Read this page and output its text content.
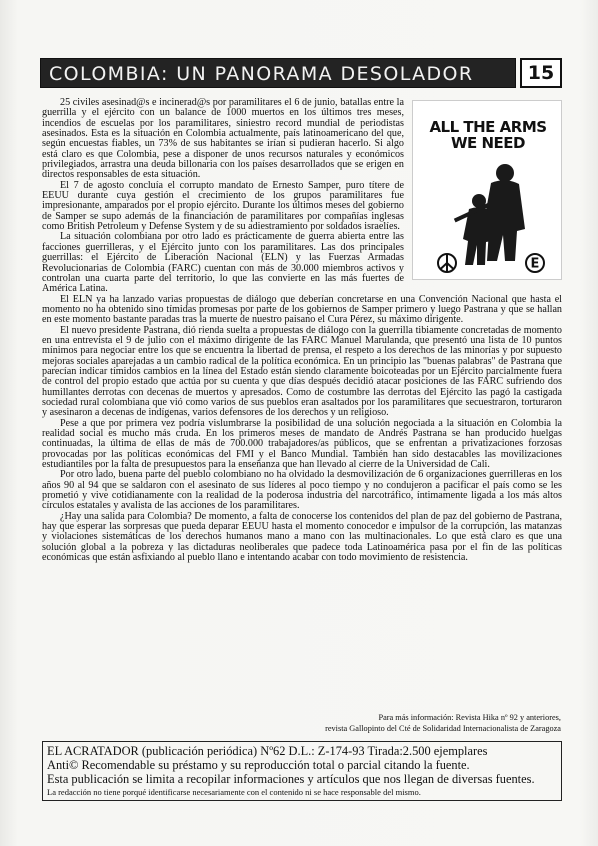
COLOMBIA: UN PANORAMA DESOLADOR	15
ALL THE ARMS WE NEED
E

25 civiles asesinad@s e incinerad@s por paramilitares el 6 de junio, batallas entre la guerrilla y el ejército con un balance de 1000 muertos en los últimos tres meses, incendios de escuelas por los paramilitares, siniestro record mundial de periodistas asesinados. Esta es la situación en Colombia actualmente, país latinoamericano del que, según encuestas fiables, un 73% de sus habitantes se irían si pudieran hacerlo. Si algo está claro es que Colombia, pese a disponer de unos recursos naturales y económicos privilegiados, arrastra una deuda billonaria con los países desarrollados que se erigen en directos responsables de esta situación.

El 7 de agosto concluía el corrupto mandato de Ernesto Samper, puro títere de EEUU durante cuya gestión el crecimiento de los grupos paramilitares fue impresionante, amparados por el propio ejército. Durante los últimos meses del gobierno de Samper se supo además de la financiación de paramilitares por compañías inglesas como British Petroleum y Defense System y de su adiestramiento por soldados israelíes.

La situación colombiana por otro lado es prácticamente de guerra abierta entre las facciones guerrilleras, y el Ejército junto con los paramilitares. Las dos principales guerrillas: el Ejército de Liberación Nacional (ELN) y las Fuerzas Armadas Revolucionarias de Colombia (FARC) cuentan con más de 30.000 miembros activos y controlan una cuarta parte del territorio, lo que las convierte en las más fuertes de América Latina.

El ELN ya ha lanzado varias propuestas de diálogo que deberían concretarse en una Convención Nacional que hasta el momento no ha obtenido sino tímidas promesas por parte de los gobiernos de Samper primero y luego Pastrana y que se hallan en este momento bastante paradas tras la muerte de nuestro paisano el Cura Pérez, su máximo dirigente.

El nuevo presidente Pastrana, dió rienda suelta a propuestas de diálogo con la guerrilla tibiamente concretadas de momento en una entrevista el 9 de julio con el máximo dirigente de las FARC Manuel Marulanda, que presentó una lista de 10 puntos mínimos para negociar entre los que se encuentra la libertad de prensa, el respeto a los derechos de las minorías y por supuesto mejoras sociales aparejadas a un cambio radical de la política económica. En un principio las "buenas palabras" de Pastrana que parecían indicar tímidos cambios en la línea del Estado están siendo claramente boicoteadas por un Ejército parcialmente fuera de control del propio estado que actúa por su cuenta y que días después decidió atacar posiciones de las FARC sufriendo dos humillantes derrotas con decenas de muertos y apresados. Como de costumbre las derrotas del Ejército las pagó la castigada sociedad rural colombiana que vió como varios de sus pueblos eran asaltados por los paramilitares que secuestraron, torturaron y asesinaron a decenas de indígenas, varios defensores de los derechos y un religioso.

Pese a que por primera vez podría vislumbrarse la posibilidad de una solución negociada a la situación en Colombia la realidad social es mucho más cruda. En los primeros meses de mandato de Andrés Pastrana se han producido huelgas continuadas, la última de ellas de más de 700.000 trabajadores/as públicos, que se enfrentan a privatizaciones forzosas provocadas por las políticas económicas del FMI y el Banco Mundial. También han sido destacables las movilizaciones estudiantiles por la falta de presupuestos para la enseñanza que han llevado al cierre de la Universidad de Cali.

Por otro lado, buena parte del pueblo colombiano no ha olvidado la desmovilización de 6 organizaciones guerrilleras en los años 90 al 94 que se saldaron con el asesinato de sus líderes al poco tiempo y no condujeron a pacificar el país como se les prometió y vive cotidianamente con la realidad de la poderosa industria del narcotráfico, íntimamente ligada a los más altos círculos estatales y avalista de las acciones de los paramilitares.

¿Hay una salida para Colombia? De momento, a falta de conocerse los contenidos del plan de paz del gobierno de Pastrana, hay que esperar las sorpresas que pueda deparar EEUU hasta el momento conocedor e impulsor de la corrupción, las matanzas y violaciones sistemáticas de los derechos humanos mano a mano con las multinacionales. Lo que está claro es que una solución global a la pobreza y las dictaduras neoliberales que padece toda Latinoamérica pasa por el fin de las políticas económicas que están asfixiando al pueblo llano e intentando acabar con todo movimiento de resistencia.

Para más información: Revista Hika nº 92 y anteriores,
revista Gallopinto del Cté de Solidaridad Internacionalista de Zaragoza
EL ACRATADOR (publicación periódica) Nº62 D.L.: Z-174-93 Tirada:2.500 ejemplares
Anti© Recomendable su préstamo y su reproducción total o parcial citando la fuente.
Esta publicación se limita a recopilar informaciones y artículos que nos llegan de diversas fuentes.
La redacción no tiene porqué identificarse necesariamente con el contenido ni se hace responsable del mismo.
